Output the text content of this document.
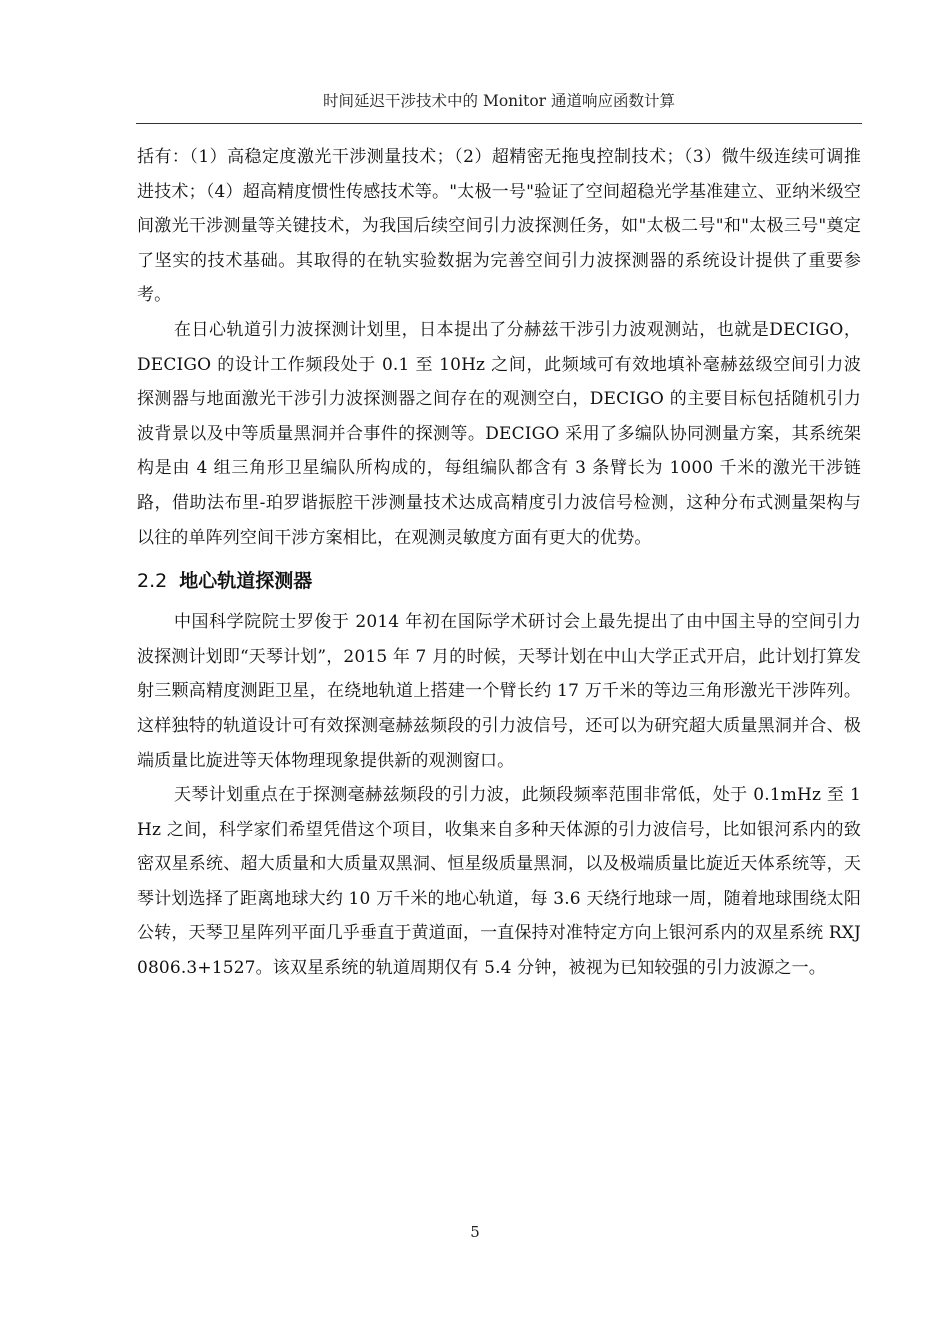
时间延迟干涉技术中的 Monitor 通道响应函数计算

括有：（1）高稳定度激光干涉测量技术；（2）超精密无拖曳控制技术；（3）微牛级连续可调推进技术；（4）超高精度惯性传感技术等。"太极一号"验证了空间超稳光学基准建立、亚纳米级空间激光干涉测量等关键技术，为我国后续空间引力波探测任务，如"太极二号"和"太极三号"奠定了坚实的技术基础。其取得的在轨实验数据为完善空间引力波探测器的系统设计提供了重要参考。

在日心轨道引力波探测计划里，日本提出了分赫兹干涉引力波观测站，也就是DECIGO，DECIGO 的设计工作频段处于 0.1 至 10Hz 之间，此频域可有效地填补毫赫兹级空间引力波探测器与地面激光干涉引力波探测器之间存在的观测空白，DECIGO 的主要目标包括随机引力波背景以及中等质量黑洞并合事件的探测等。DECIGO 采用了多编队协同测量方案，其系统架构是由 4 组三角形卫星编队所构成的，每组编队都含有 3 条臂长为 1000 千米的激光干涉链路，借助法布里-珀罗谐振腔干涉测量技术达成高精度引力波信号检测，这种分布式测量架构与以往的单阵列空间干涉方案相比，在观测灵敏度方面有更大的优势。

2.2 地心轨道探测器

中国科学院院士罗俊于 2014 年初在国际学术研讨会上最先提出了由中国主导的空间引力波探测计划即“天琴计划”，2015 年 7 月的时候，天琴计划在中山大学正式开启，此计划打算发射三颗高精度测距卫星，在绕地轨道上搭建一个臂长约 17 万千米的等边三角形激光干涉阵列。这样独特的轨道设计可有效探测毫赫兹频段的引力波信号，还可以为研究超大质量黑洞并合、极端质量比旋进等天体物理现象提供新的观测窗口。

天琴计划重点在于探测毫赫兹频段的引力波，此频段频率范围非常低，处于 0.1mHz 至 1Hz 之间，科学家们希望凭借这个项目，收集来自多种天体源的引力波信号，比如银河系内的致密双星系统、超大质量和大质量双黑洞、恒星级质量黑洞，以及极端质量比旋近天体系统等，天琴计划选择了距离地球大约 10 万千米的地心轨道，每 3.6 天绕行地球一周，随着地球围绕太阳公转，天琴卫星阵列平面几乎垂直于黄道面，一直保持对准特定方向上银河系内的双星系统 RXJ0806.3+1527。该双星系统的轨道周期仅有 5.4 分钟，被视为已知较强的引力波源之一。

5
